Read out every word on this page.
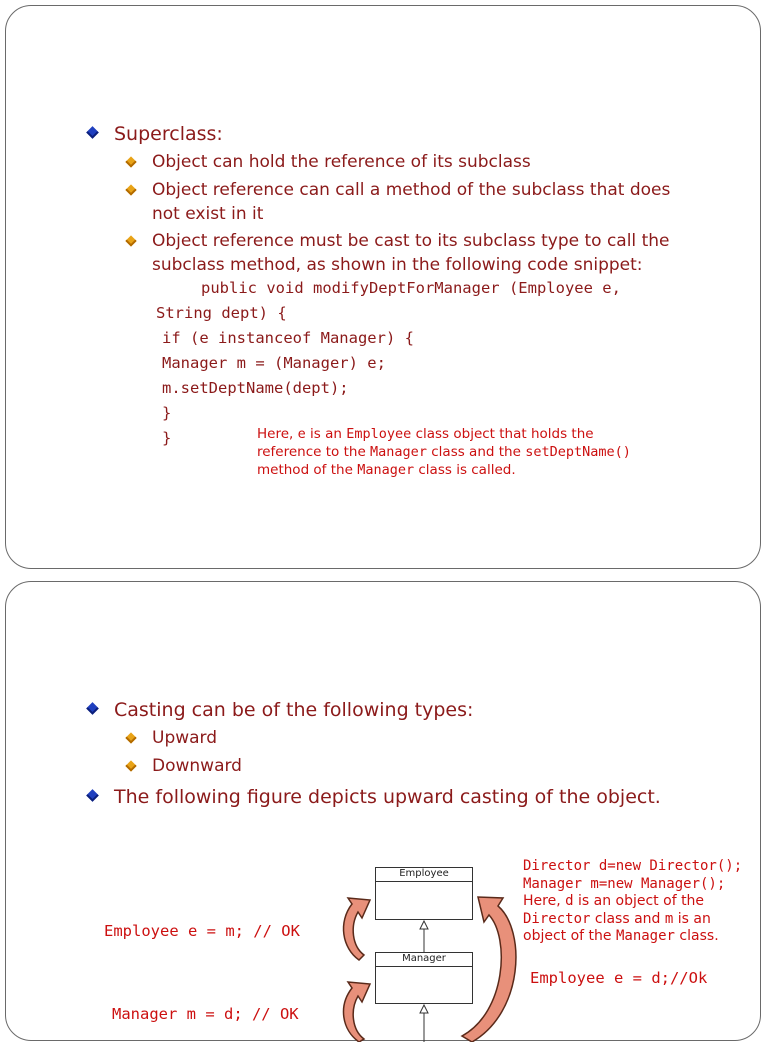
Superclass:
Object can hold the reference of its subclass
Object reference can call a method of the subclass that does
not exist in it
Object reference must be cast to its subclass type to call the
subclass method, as shown in the following code snippet:
public void modifyDeptForManager (Employee e,
String dept) {
if (e instanceof Manager) {
Manager m = (Manager) e;
m.setDeptName(dept);
}
}	Here, e is an Employee class object that holds the
reference to the Manager class and the setDeptName()
method of the Manager class is called.
Casting can be of the following types:
Upward
Downward
The following figure depicts upward casting of the object.
Employee e = m; // OK
Manager m = d; // OK
Employee
Manager
Director d=new Director();
Manager m=new Manager();
Here, d is an object of the
Director class and m is an
object of the Manager class.
Employee e = d;//Ok
